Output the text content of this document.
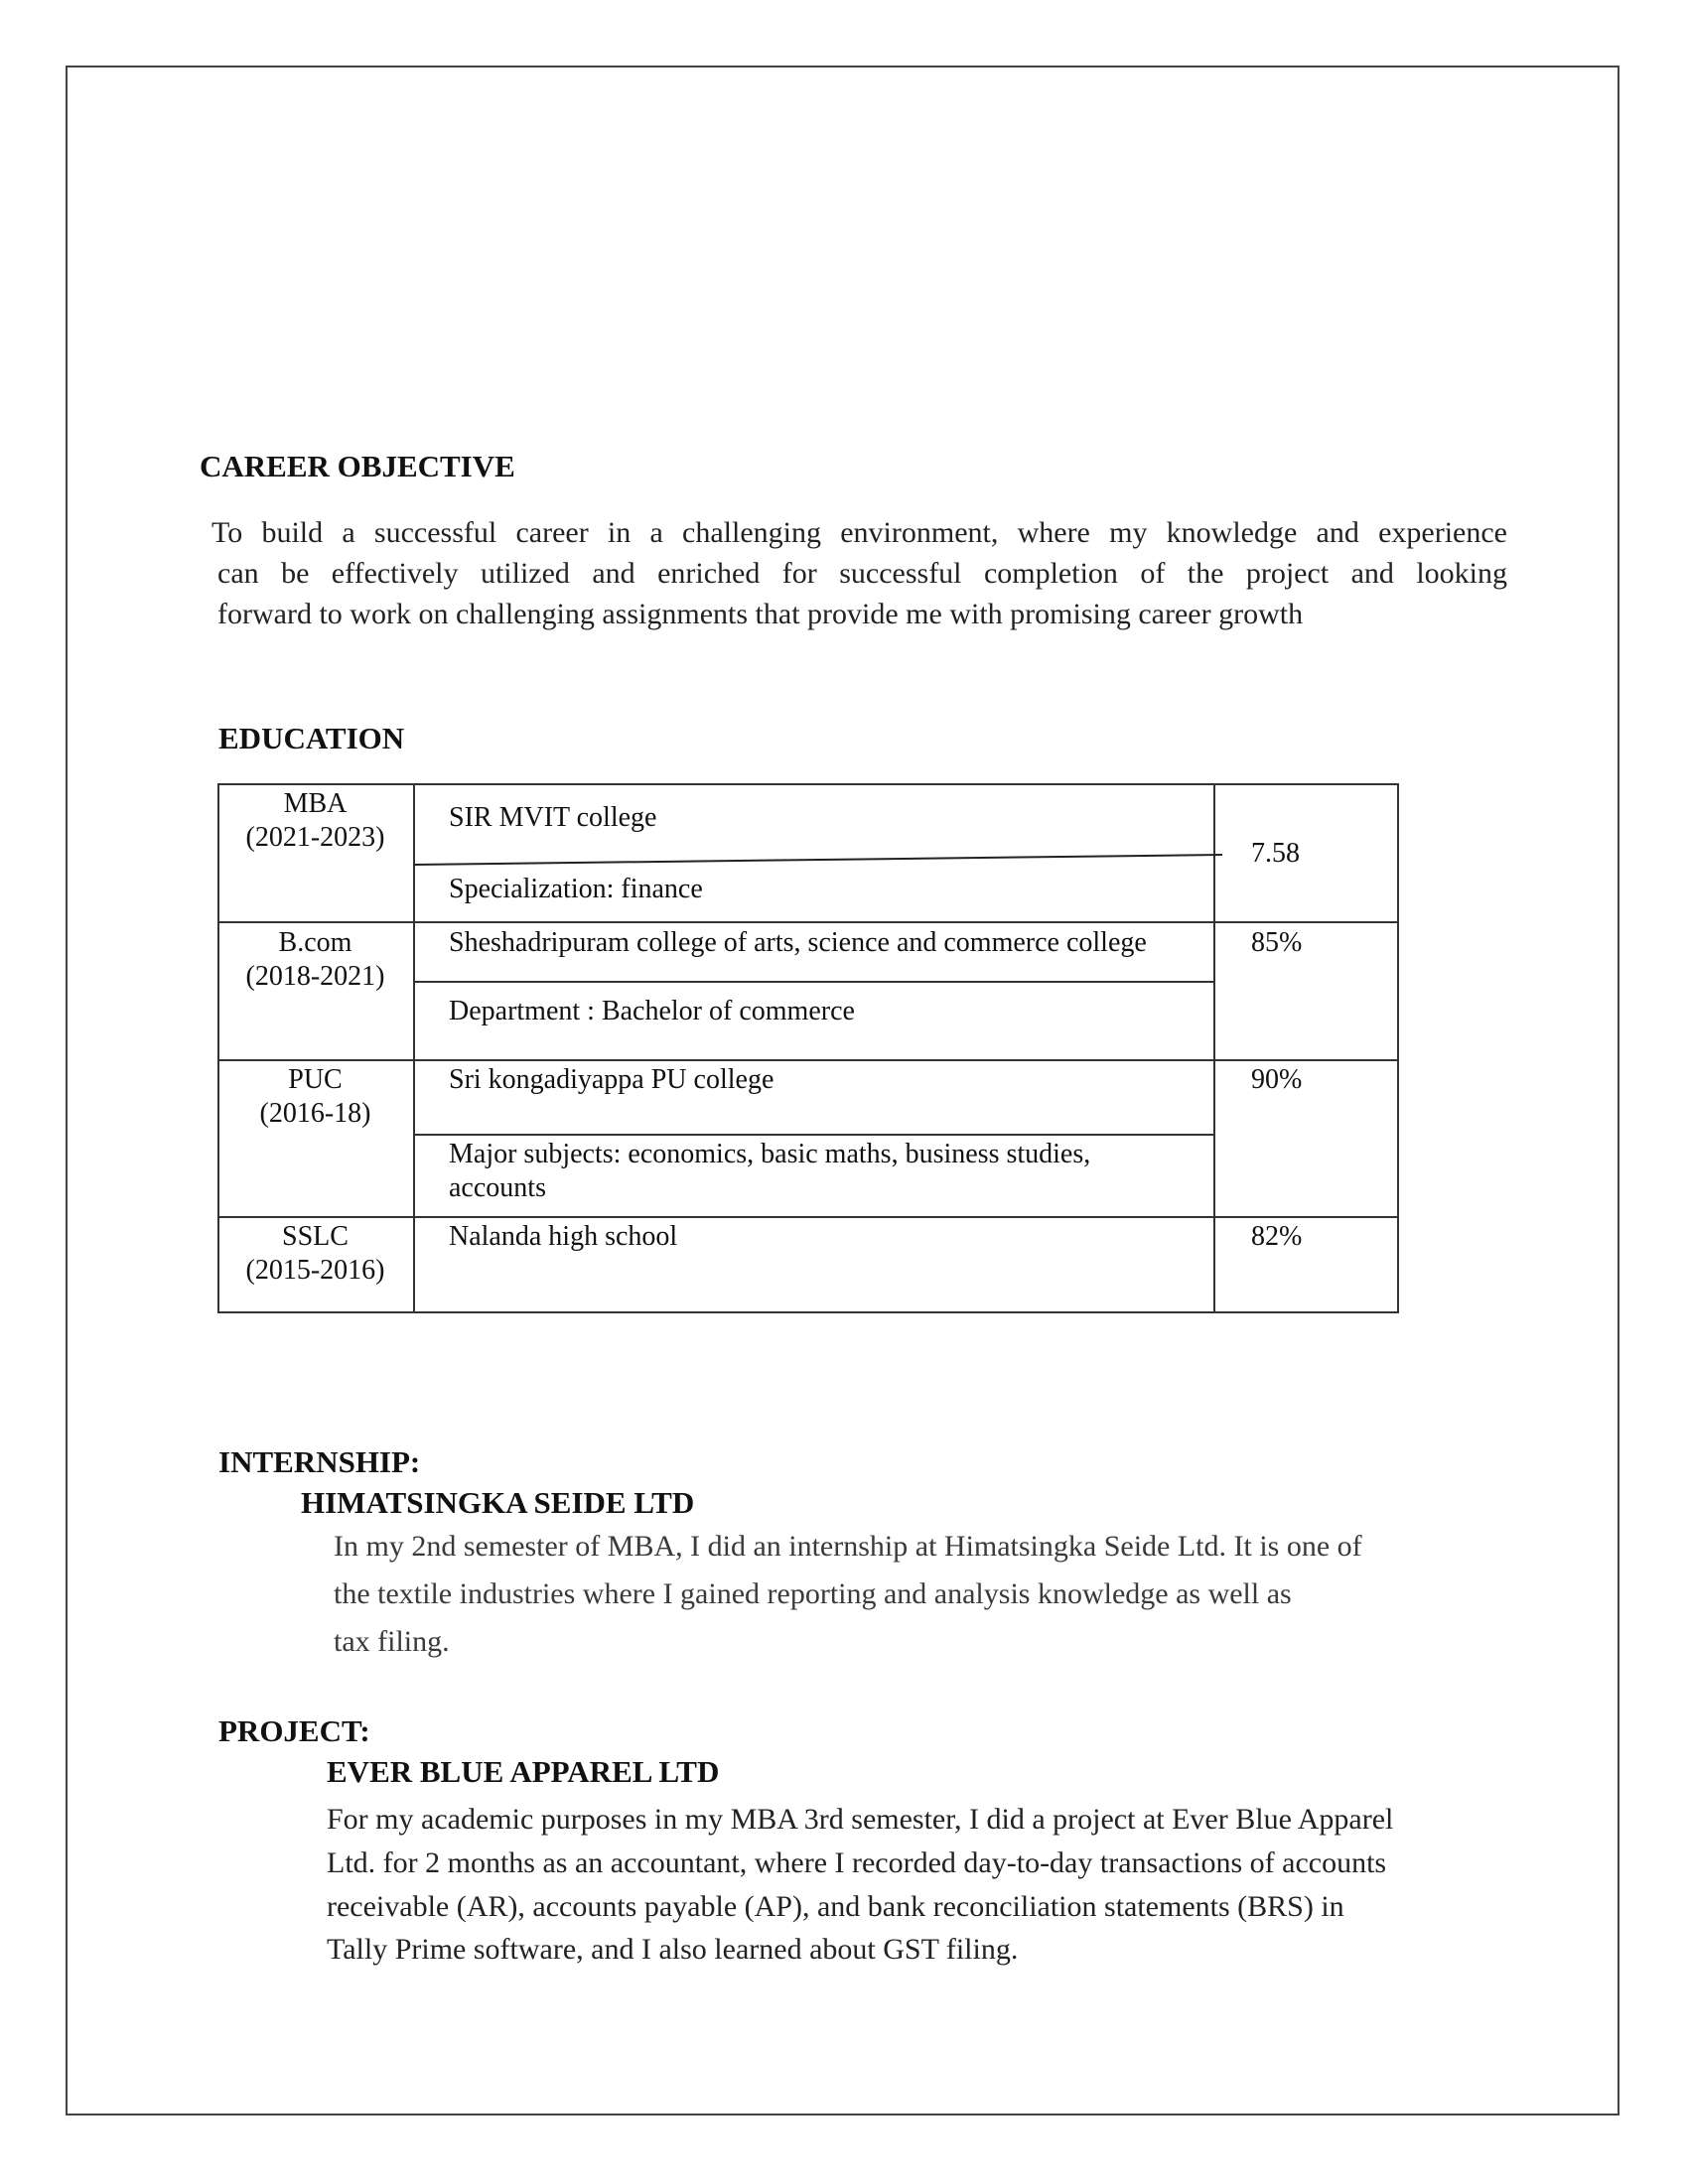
CAREER OBJECTIVE
To build a successful career in a challenging environment, where my knowledge and experience
can be effectively utilized and enriched for successful completion of the project and looking
forward to work on challenging assignments that provide me with promising career growth
EDUCATION
MBA
(2021-2023)
SIR MVIT college
Specialization: finance
7.58
B.com
(2018-2021)
Sheshadripuram college of arts, science and commerce college
Department : Bachelor of commerce
85%
PUC
(2016-18)
Sri kongadiyappa PU college
Major subjects: economics, basic maths, business studies,
accounts
90%
SSLC
(2015-2016)
Nalanda high school	82%
INTERNSHIP:
HIMATSINGKA SEIDE LTD
In my 2nd semester of MBA, I did an internship at Himatsingka Seide Ltd. It is one of
the textile industries where I gained reporting and analysis knowledge as well as
tax filing.
PROJECT:
EVER BLUE APPAREL LTD
For my academic purposes in my MBA 3rd semester, I did a project at Ever Blue Apparel
Ltd. for 2 months as an accountant, where I recorded day-to-day transactions of accounts
receivable (AR), accounts payable (AP), and bank reconciliation statements (BRS) in
Tally Prime software, and I also learned about GST filing.
